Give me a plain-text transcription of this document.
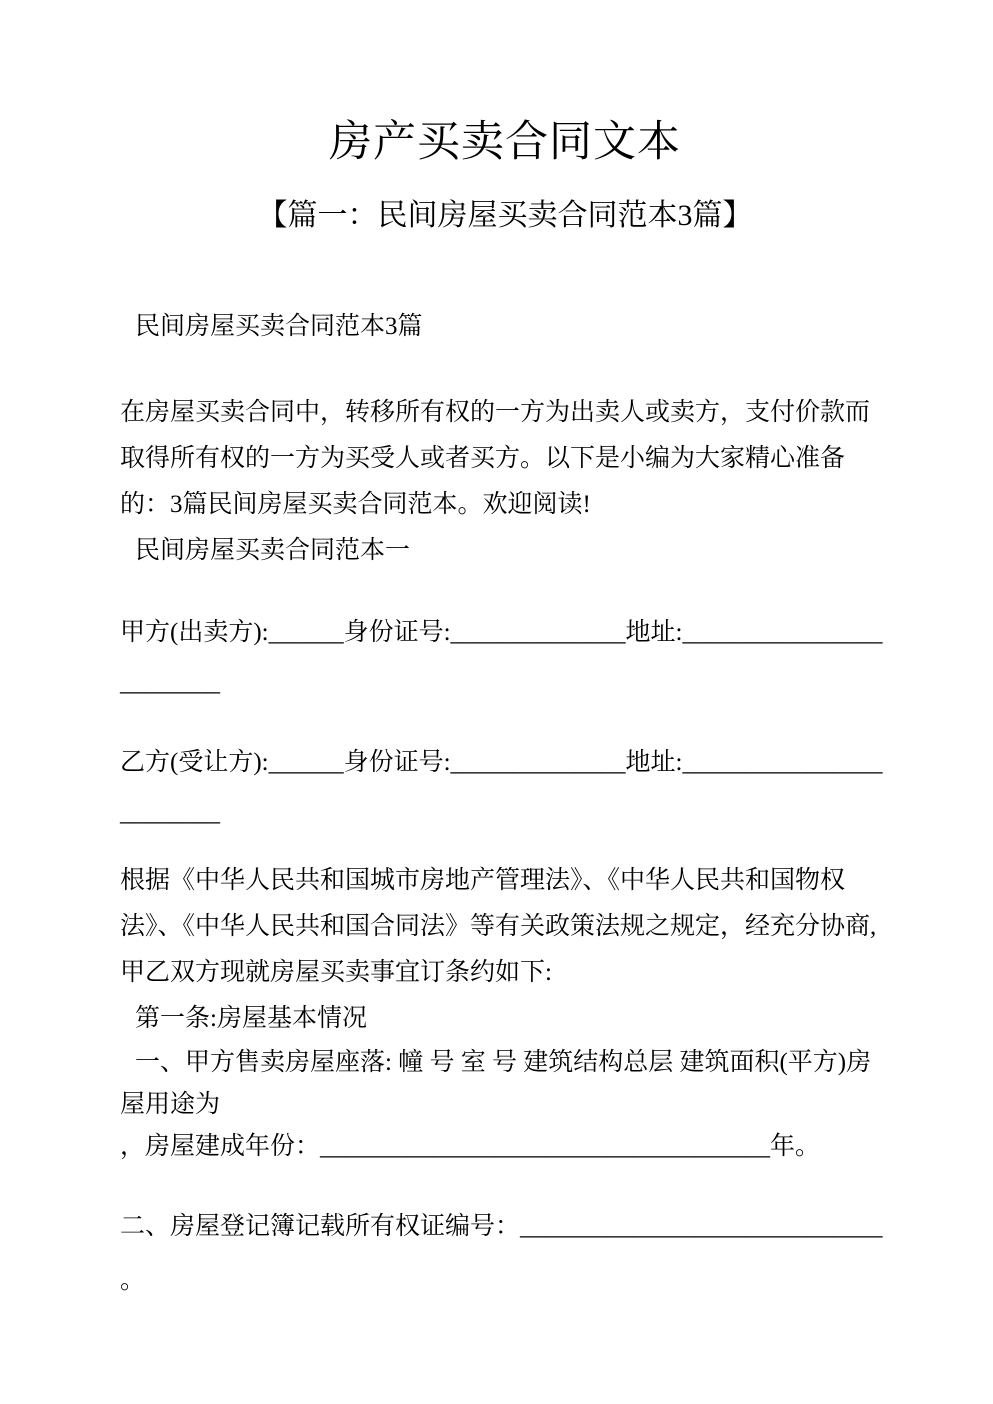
房产买卖合同文本
【篇一：民间房屋买卖合同范本3篇】

民间房屋买卖合同范本3篇

在房屋买卖合同中，转移所有权的一方为出卖人或卖方，支付价款而取得所有权的一方为买受人或者买方。以下是小编为大家精心准备的：3篇民间房屋买卖合同范本。欢迎阅读!

民间房屋买卖合同范本一

甲方(出卖方):______身份证号:______________地址:________________________

乙方(受让方):______身份证号:______________地址:________________________

根据《中华人民共和国城市房地产管理法》、《中华人民共和国物权法》、《中华人民共和国合同法》等有关政策法规之规定，经充分协商,甲乙双方现就房屋买卖事宜订条约如下:

第一条:房屋基本情况

一、甲方售卖房屋座落: 幢 号 室 号 建筑结构总层 建筑面积(平方)房屋用途为

，房屋建成年份：____________________________________年。

二、房屋登记簿记载所有权证编号：_____________________________

。
